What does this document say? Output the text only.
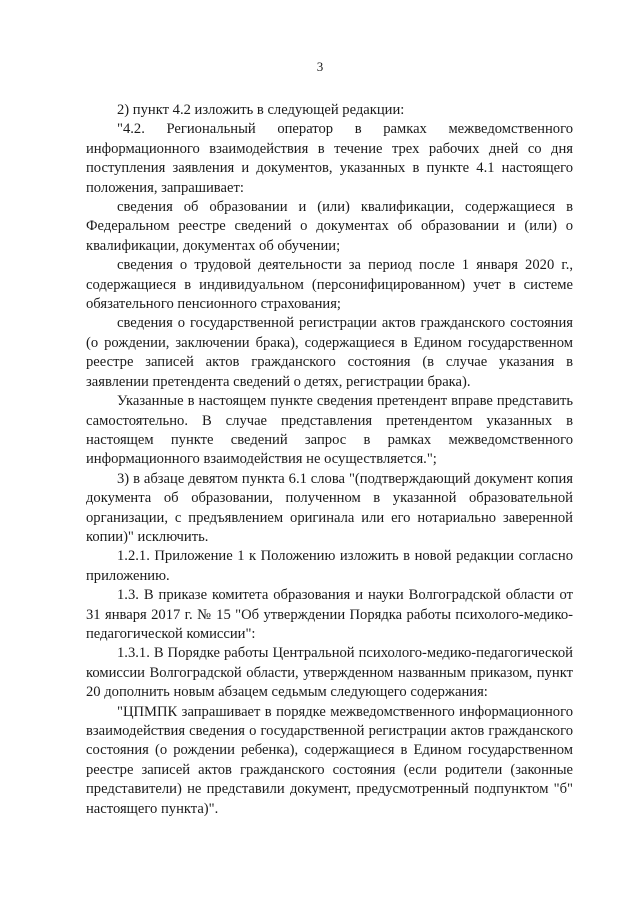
3

2) пункт 4.2 изложить в следующей редакции:

"4.2. Региональный оператор в рамках межведомственного информационного взаимодействия в течение трех рабочих дней со дня поступления заявления и документов, указанных в пункте 4.1 настоящего положения, запрашивает:

сведения об образовании и (или) квалификации, содержащиеся в Федеральном реестре сведений о документах об образовании и (или) о квалификации, документах об обучении;

сведения о трудовой деятельности за период после 1 января 2020 г., содержащиеся в индивидуальном (персонифицированном) учет в системе обязательного пенсионного страхования;

сведения о государственной регистрации актов гражданского состояния (о рождении, заключении брака), содержащиеся в Едином государственном реестре записей актов гражданского состояния (в случае указания в заявлении претендента сведений о детях, регистрации брака).

Указанные в настоящем пункте сведения претендент вправе представить самостоятельно. В случае представления претендентом указанных в настоящем пункте сведений запрос в рамках межведомственного информационного взаимодействия не осуществляется.";

3) в абзаце девятом пункта 6.1 слова "(подтверждающий документ копия документа об образовании, полученном в указанной образовательной организации, с предъявлением оригинала или его нотариально заверенной копии)" исключить.

1.2.1. Приложение 1 к Положению изложить в новой редакции согласно приложению.

1.3. В приказе комитета образования и науки Волгоградской области от 31 января 2017 г. № 15 "Об утверждении Порядка работы психолого-медико-педагогической комиссии":

1.3.1. В Порядке работы Центральной психолого-медико-педагогической комиссии Волгоградской области, утвержденном названным приказом, пункт 20 дополнить новым абзацем седьмым следующего содержания:

"ЦПМПК запрашивает в порядке межведомственного информационного взаимодействия сведения о государственной регистрации актов гражданского состояния (о рождении ребенка), содержащиеся в Едином государственном реестре записей актов гражданского состояния (если родители (законные представители) не представили документ, предусмотренный подпунктом "б" настоящего пункта)".
